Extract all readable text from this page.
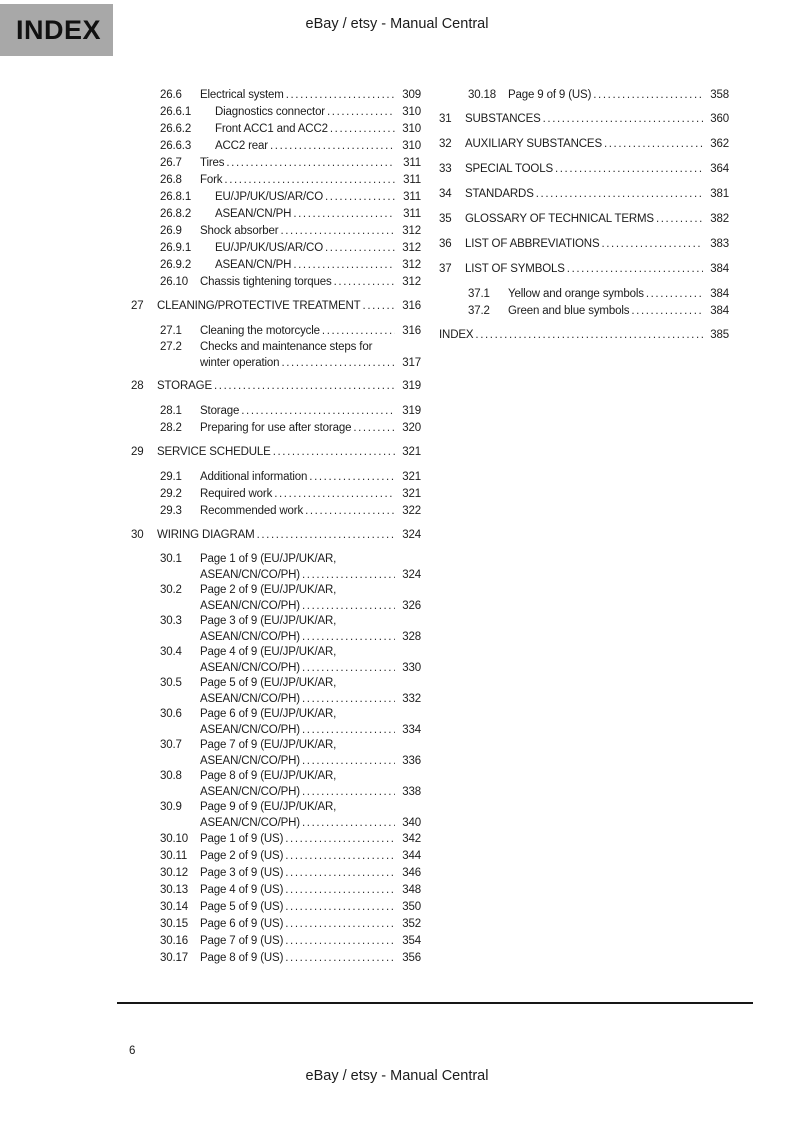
INDEX	eBay / etsy - Manual Central
26.6	Electrical system .....	309
26.6.1	Diagnostics connector .....	310
26.6.2	Front ACC1 and ACC2 .....	310
26.6.3	ACC2 rear .....	310
26.7	Tires .....	311
26.8	Fork .....	311
26.8.1	EU/JP/UK/US/AR/CO .....	311
26.8.2	ASEAN/CN/PH .....	311
26.9	Shock absorber .....	312
26.9.1	EU/JP/UK/US/AR/CO .....	312
26.9.2	ASEAN/CN/PH .....	312
26.10	Chassis tightening torques .....	312
27	CLEANING/PROTECTIVE TREATMENT .....	316
27.1	Cleaning the motorcycle .....	316
27.2	Checks and maintenance steps for
winter operation .....	317
28	STORAGE .....	319
28.1	Storage .....	319
28.2	Preparing for use after storage .....	320
29	SERVICE SCHEDULE .....	321
29.1	Additional information .....	321
29.2	Required work .....	321
29.3	Recommended work .....	322
30	WIRING DIAGRAM .....	324
30.1	Page 1 of 9 (EU/JP/UK/AR,
ASEAN/CN/CO/PH) .....	324
30.2	Page 2 of 9 (EU/JP/UK/AR,
ASEAN/CN/CO/PH) .....	326
30.3	Page 3 of 9 (EU/JP/UK/AR,
ASEAN/CN/CO/PH) .....	328
30.4	Page 4 of 9 (EU/JP/UK/AR,
ASEAN/CN/CO/PH) .....	330
30.5	Page 5 of 9 (EU/JP/UK/AR,
ASEAN/CN/CO/PH) .....	332
30.6	Page 6 of 9 (EU/JP/UK/AR,
ASEAN/CN/CO/PH) .....	334
30.7	Page 7 of 9 (EU/JP/UK/AR,
ASEAN/CN/CO/PH) .....	336
30.8	Page 8 of 9 (EU/JP/UK/AR,
ASEAN/CN/CO/PH) .....	338
30.9	Page 9 of 9 (EU/JP/UK/AR,
ASEAN/CN/CO/PH) .....	340
30.10	Page 1 of 9 (US) .....	342
30.11	Page 2 of 9 (US) .....	344
30.12	Page 3 of 9 (US) .....	346
30.13	Page 4 of 9 (US) .....	348
30.14	Page 5 of 9 (US) .....	350
30.15	Page 6 of 9 (US) .....	352
30.16	Page 7 of 9 (US) .....	354
30.17	Page 8 of 9 (US) .....	356
30.18	Page 9 of 9 (US) .....	358
31	SUBSTANCES .....	360
32	AUXILIARY SUBSTANCES .....	362
33	SPECIAL TOOLS .....	364
34	STANDARDS .....	381
35	GLOSSARY OF TECHNICAL TERMS .....	382
36	LIST OF ABBREVIATIONS .....	383
37	LIST OF SYMBOLS .....	384
37.1	Yellow and orange symbols .....	384
37.2	Green and blue symbols .....	384
INDEX .....	385
6
eBay / etsy - Manual Central
